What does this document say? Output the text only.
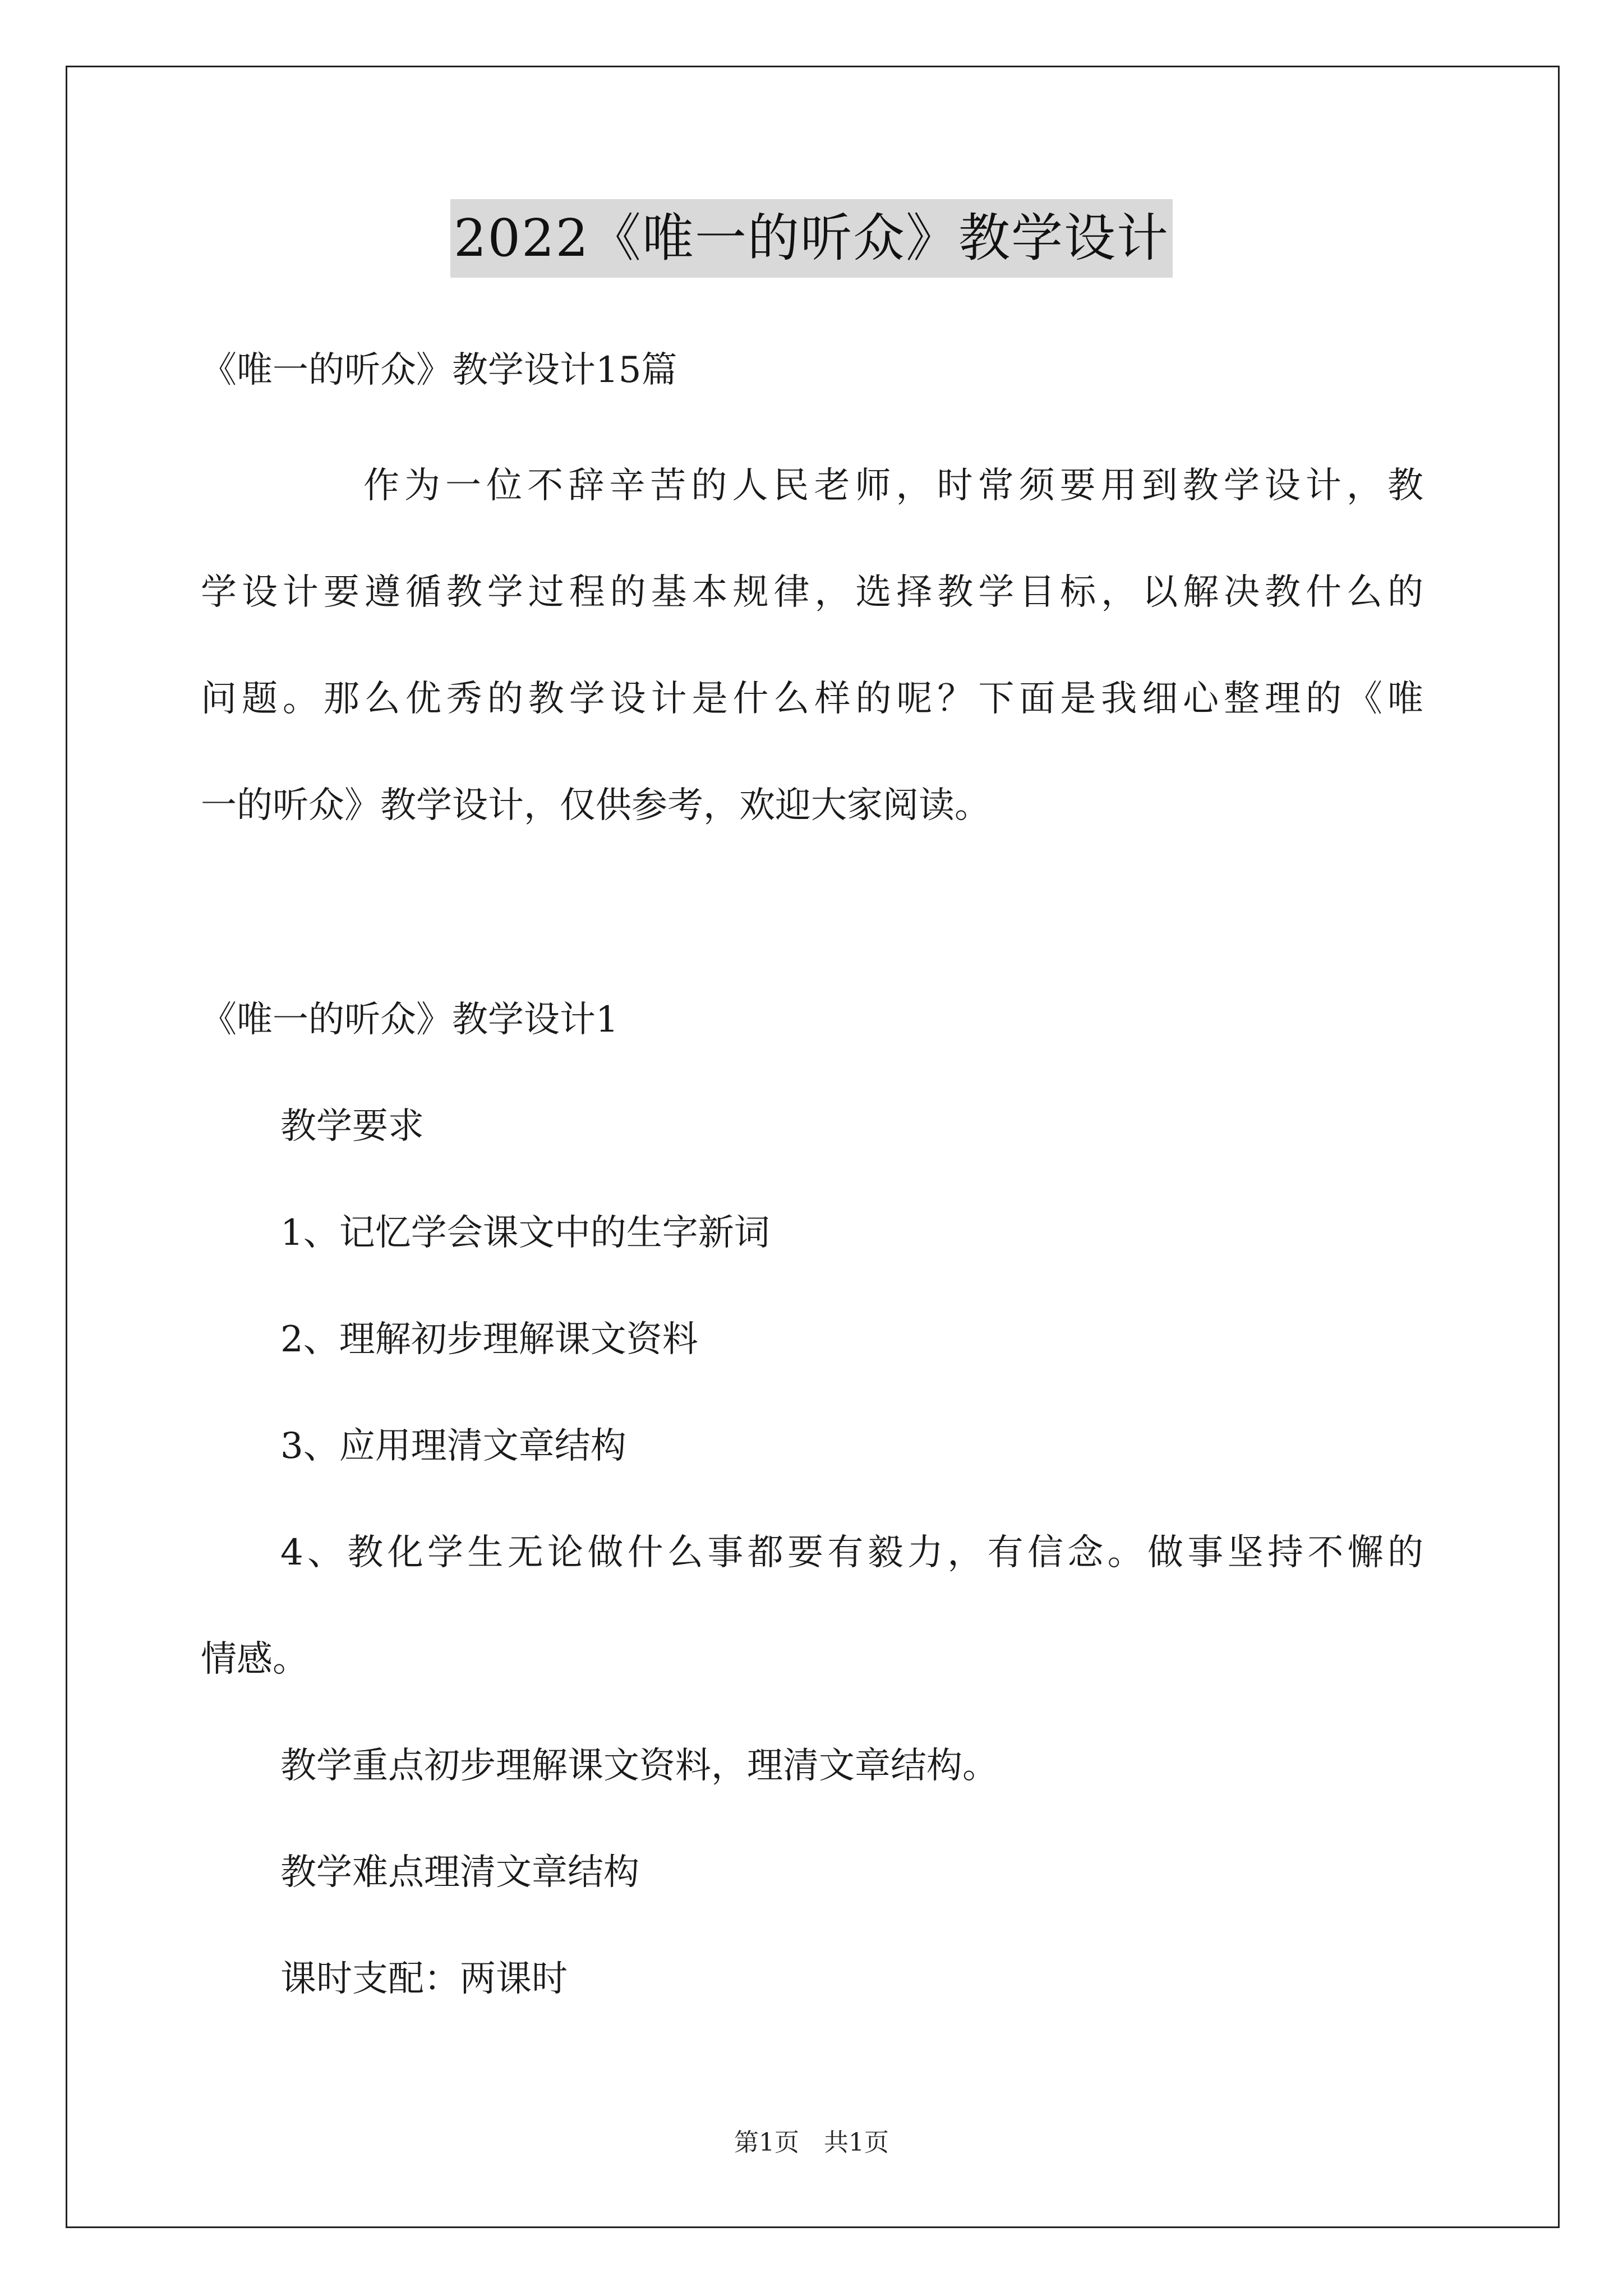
2022《唯一的听众》教学设计
《唯一的听众》教学设计15篇
作为一位不辞辛苦的人民老师，时常须要用到教学设计，教
学设计要遵循教学过程的基本规律，选择教学目标，以解决教什么的
问题。那么优秀的教学设计是什么样的呢？下面是我细心整理的《唯
一的听众》教学设计，仅供参考，欢迎大家阅读。
《唯一的听众》教学设计1
教学要求
1、记忆学会课文中的生字新词
2、理解初步理解课文资料
3、应用理清文章结构
4、教化学生无论做什么事都要有毅力，有信念。做事坚持不懈的
情感。
教学重点初步理解课文资料，理清文章结构。
教学难点理清文章结构
课时支配：两课时
第1页　共1页
